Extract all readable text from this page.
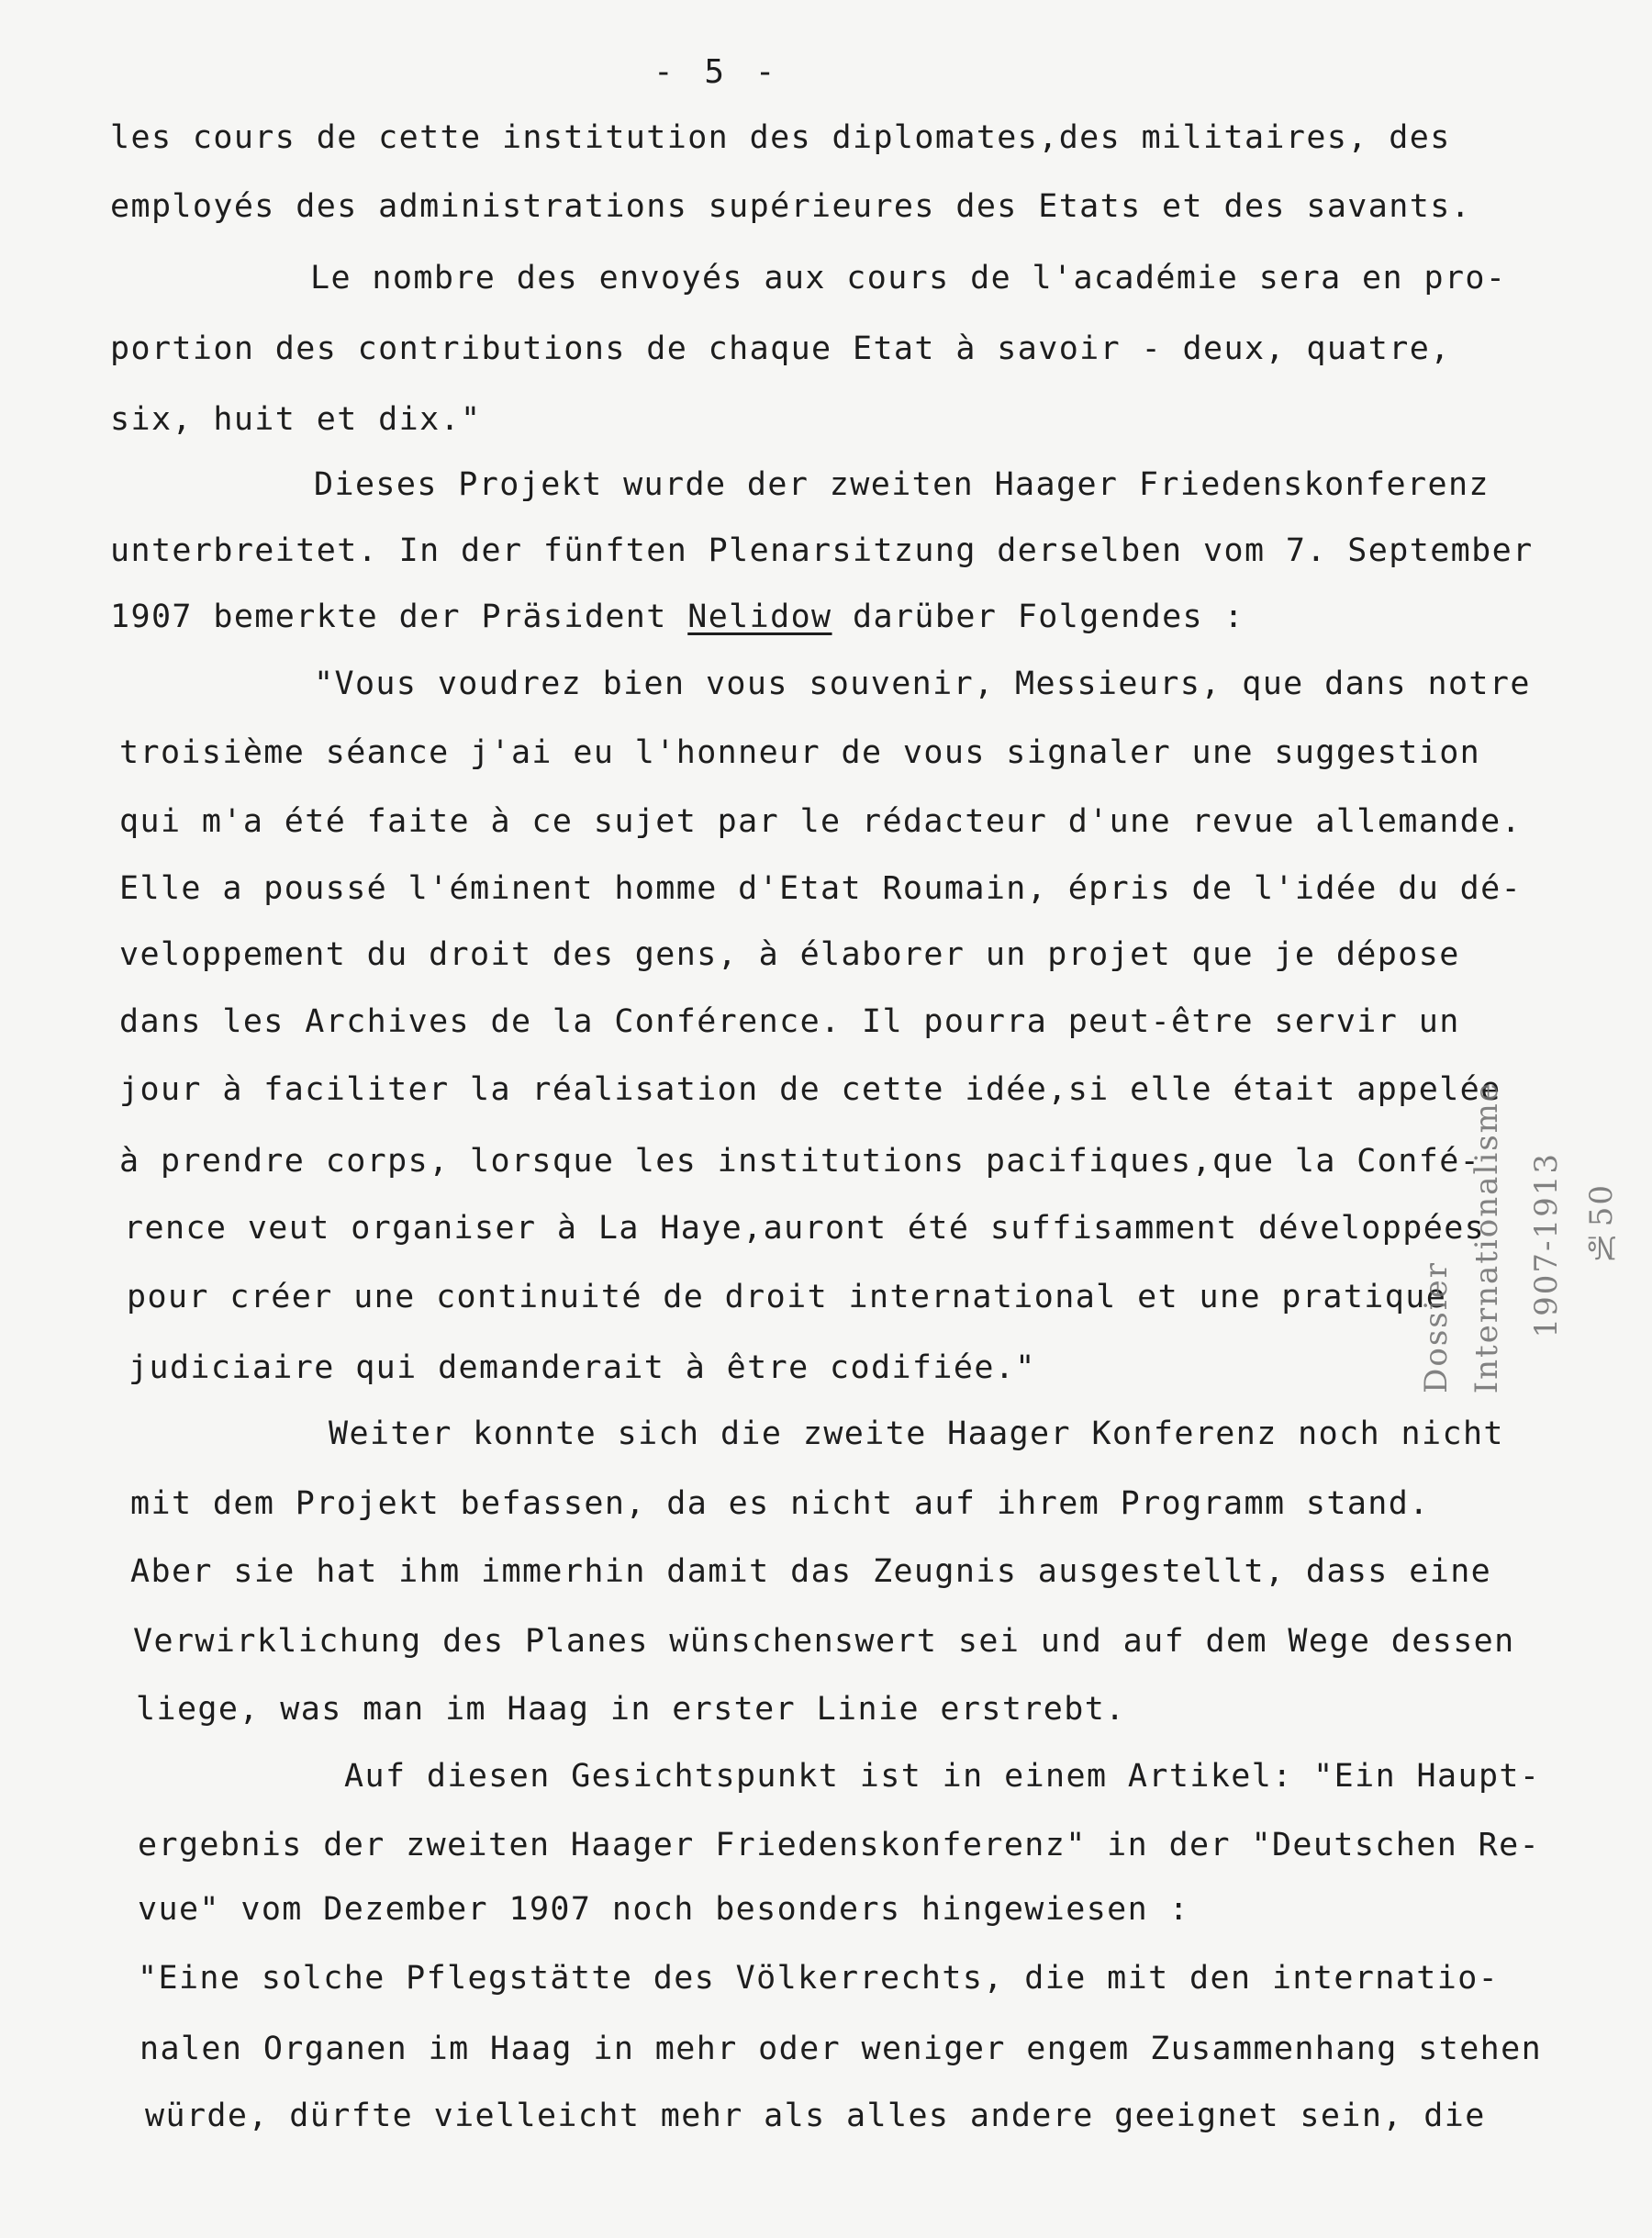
- 5 -
les cours de cette institution des diplomates,des militaires, des
employés des administrations supérieures des Etats et des savants.
Le nombre des envoyés aux cours de l'académie sera en pro-
portion des contributions de chaque Etat à savoir - deux, quatre,
six, huit et dix."
Dieses Projekt wurde der zweiten Haager Friedenskonferenz
unterbreitet. In der fünften Plenarsitzung derselben vom 7. September
1907 bemerkte der Präsident Nelidow darüber Folgendes :
"Vous voudrez bien vous souvenir, Messieurs, que dans notre
troisième séance j'ai eu l'honneur de vous signaler une suggestion
qui m'a été faite à ce sujet par le rédacteur d'une revue allemande.
Elle a poussé l'éminent homme d'Etat Roumain, épris de l'idée du dé-
veloppement du droit des gens, à élaborer un projet que je dépose
dans les Archives de la Conférence. Il pourra peut-être servir un
jour à faciliter la réalisation de cette idée,si elle était appelée
à prendre corps, lorsque les institutions pacifiques,que la Confé-
rence veut organiser à La Haye,auront été suffisamment développées
pour créer une continuité de droit international et une pratique
judiciaire qui demanderait à être codifiée."
Weiter konnte sich die zweite Haager Konferenz noch nicht
mit dem Projekt befassen, da es nicht auf ihrem Programm stand.
Aber sie hat ihm immerhin damit das Zeugnis ausgestellt, dass eine
Verwirklichung des Planes wünschenswert sei und auf dem Wege dessen
liege, was man im Haag in erster Linie erstrebt.
Auf diesen Gesichtspunkt ist in einem Artikel: "Ein Haupt-
ergebnis der zweiten Haager Friedenskonferenz" in der "Deutschen Re-
vue" vom Dezember 1907 noch besonders hingewiesen :
"Eine solche Pflegstätte des Völkerrechts, die mit den internatio-
nalen Organen im Haag in mehr oder weniger engem Zusammenhang stehen
würde, dürfte vielleicht mehr als alles andere geeignet sein, die
Dossier Internationalisme 1907-1913 №50
